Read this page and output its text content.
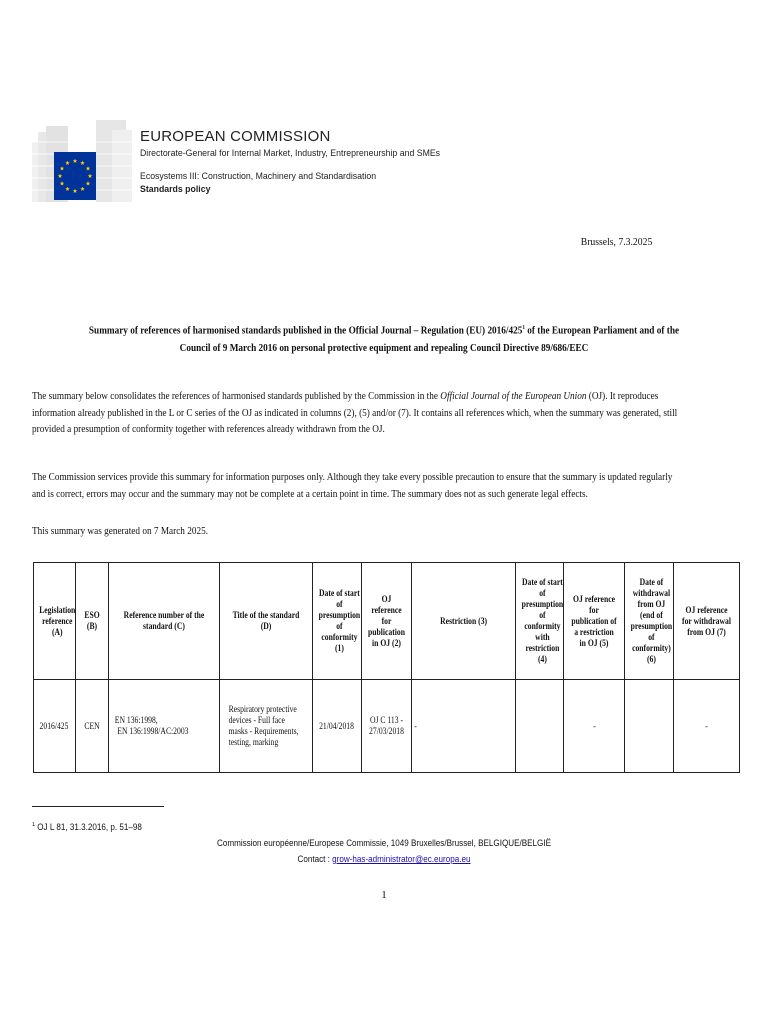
EUROPEAN COMMISSION
Directorate-General for Internal Market, Industry, Entrepreneurship and SMEs
Ecosystems III: Construction, Machinery and Standardisation
Standards policy
Brussels, 7.3.2025
Summary of references of harmonised standards published in the Official Journal – Regulation (EU) $2016/425^1$ of the European Parliament and of the Council of 9 March 2016 on personal protective equipment and repealing Council Directive 89/686/EEC
The summary below consolidates the references of harmonised standards published by the Commission in the Official Journal of the European Union (OJ). It reproduces information already published in the L or C series of the OJ as indicated in columns (2), (5) and/or (7). It contains all references which, when the summary was generated, still provided a presumption of conformity together with references already withdrawn from the OJ.
The Commission services provide this summary for information purposes only. Although they take every possible precaution to ensure that the summary is updated regularly and is correct, errors may occur and the summary may not be complete at a certain point in time. The summary does not as such generate legal effects.
This summary was generated on 7 March 2025.
Legislation reference (A)	ESO (B)	Reference number of the standard (C)	Title of the standard (D)	Date of start of presumption of conformity (1)	OJ reference for publication in OJ (2)	Restriction (3)	Date of start of presumption of conformity with restriction (4)	OJ reference for publication of a restriction in OJ (5)	Date of withdrawal from OJ (end of presumption of conformity) (6)	OJ reference for withdrawal from OJ (7)
2016/425	CEN	EN 136:1998,
EN 136:1998/AC:2003	Respiratory protective devices - Full face masks - Requirements, testing, marking	21/04/2018	OJ C 113 - 27/03/2018	-		-		-
$^1$ OJ L 81, 31.3.2016, p. 51–98
Commission européenne/Europese Commissie, 1049 Bruxelles/Brussel, BELGIQUE/BELGIË
Contact : grow-has-administrator@ec.europa.eu
1
